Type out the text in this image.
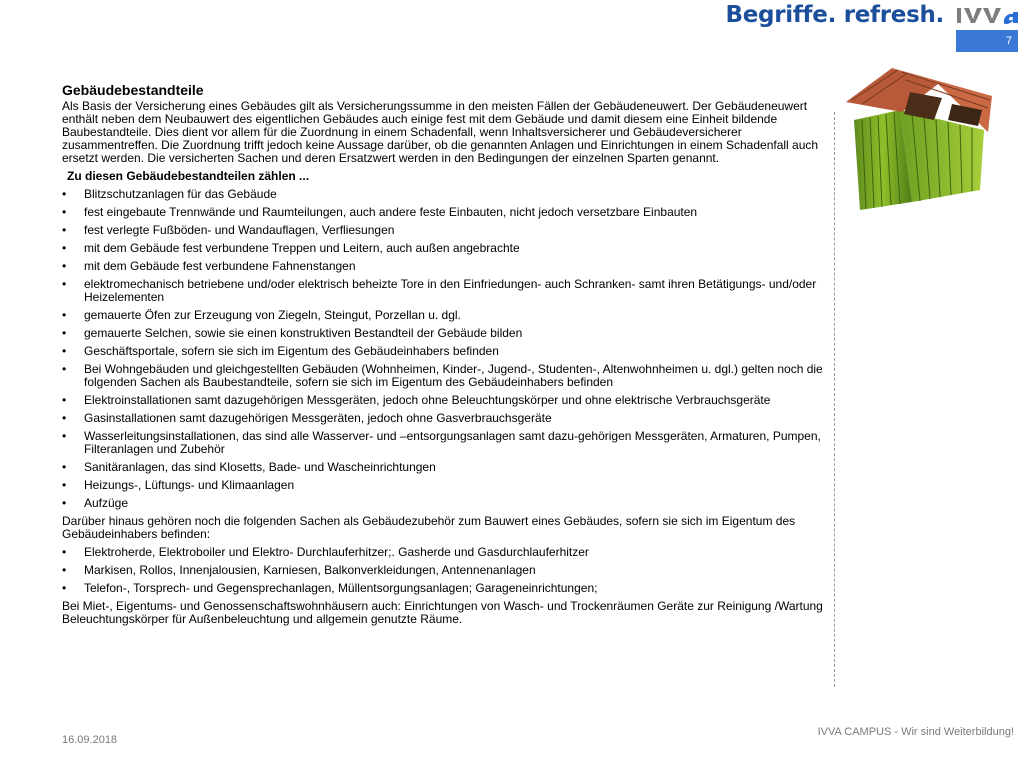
Begriffe. refresh.
7
Gebäudebestandteile

Als Basis der Versicherung eines Gebäudes gilt als Versicherungssumme in den meisten Fällen der Gebäudeneuwert. Der Gebäudeneuwert enthält neben dem Neubauwert des eigentlichen Gebäudes auch einige fest mit dem Gebäude und damit diesem eine Einheit bildende Baubestandteile. Dies dient vor allem für die Zuordnung in einem Schadenfall, wenn Inhaltsversicherer und Gebäudeversicherer zusammentreffen. Die Zuordnung trifft jedoch keine Aussage darüber, ob die genannten Anlagen und Einrichtungen in einem Schadenfall auch ersetzt werden. Die versicherten Sachen und deren Ersatzwert werden in den Bedingungen der einzelnen Sparten genannt.

Zu diesen Gebäudebestandteilen zählen ...
• Blitzschutzanlagen für das Gebäude
• fest eingebaute Trennwände und Raumteilungen, auch andere feste Einbauten, nicht jedoch versetzbare Einbauten
• fest verlegte Fußböden- und Wandauflagen, Verfliesungen
• mit dem Gebäude fest verbundene Treppen und Leitern, auch außen angebrachte
• mit dem Gebäude fest verbundene Fahnenstangen
• elektromechanisch betriebene und/oder elektrisch beheizte Tore in den Einfriedungen- auch Schranken- samt ihren Betätigungs- und/oder Heizelementen
• gemauerte Öfen zur Erzeugung von Ziegeln, Steingut, Porzellan u. dgl.
• gemauerte Selchen, sowie sie einen konstruktiven Bestandteil der Gebäude bilden
• Geschäftsportale, sofern sie sich im Eigentum des Gebäudeinhabers befinden
• Bei Wohngebäuden und gleichgestellten Gebäuden (Wohnheimen, Kinder-, Jugend-, Studenten-, Altenwohnheimen u. dgl.) gelten noch die folgenden Sachen als Baubestandteile, sofern sie sich im Eigentum des Gebäudeinhabers befinden
• Elektroinstallationen samt dazugehörigen Messgeräten, jedoch ohne Beleuchtungskörper und ohne elektrische Verbrauchsgeräte
• Gasinstallationen samt dazugehörigen Messgeräten, jedoch ohne Gasverbrauchsgeräte
• Wasserleitungsinstallationen, das sind alle Wasserver- und –entsorgungsanlagen samt dazu-gehörigen Messgeräten, Armaturen, Pumpen, Filteranlagen und Zubehör
• Sanitäranlagen, das sind Klosetts, Bade- und Wascheinrichtungen
• Heizungs-, Lüftungs- und Klimaanlagen
• Aufzüge

Darüber hinaus gehören noch die folgenden Sachen als Gebäudezubehör zum Bauwert eines Gebäudes, sofern sie sich im Eigentum des Gebäudeinhabers befinden:

• Elektroherde, Elektroboiler und Elektro- Durchlauferhitzer;. Gasherde und Gasdurchlauferhitzer
• Markisen, Rollos, Innenjalousien, Karniesen, Balkonverkleidungen, Antennenanlagen
• Telefon-, Torsprech- und Gegensprechanlagen, Müllentsorgungsanlagen; Garageneinrichtungen;

Bei Miet-, Eigentums- und Genossenschaftswohnhäusern auch: Einrichtungen von Wasch- und Trockenräumen Geräte zur Reinigung /Wartung Beleuchtungskörper für Außenbeleuchtung und allgemein genutzte Räume.

16.09.2018
IVVA CAMPUS - Wir sind Weiterbildung!
